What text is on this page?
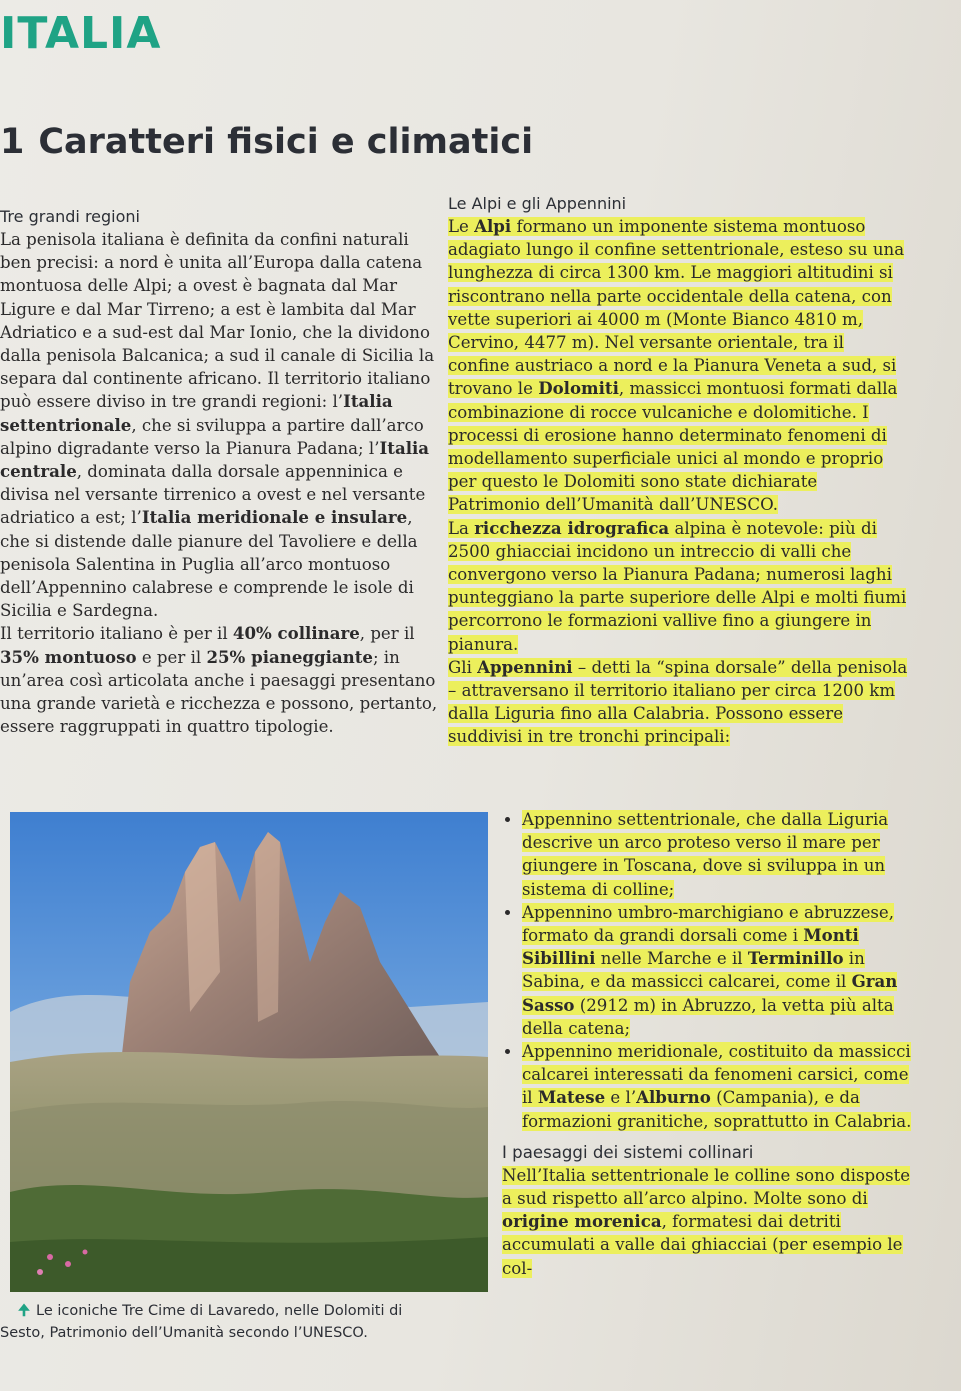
ITALIA
1 Caratteri fisici e climatici
Tre grandi regioni

La penisola italiana è definita da confini naturali ben precisi: a nord è unita all’Europa dalla catena montuosa delle Alpi; a ovest è bagnata dal Mar Ligure e dal Mar Tirreno; a est è lambita dal Mar Adriatico e a sud-est dal Mar Ionio, che la dividono dalla penisola Balcanica; a sud il canale di Sicilia la separa dal continente africano. Il territorio italiano può essere diviso in tre grandi regioni: l’Italia settentrionale, che si sviluppa a partire dall’arco alpino digradante verso la Pianura Padana; l’Italia centrale, dominata dalla dorsale appenninica e divisa nel versante tirrenico a ovest e nel versante adriatico a est; l’Italia meridionale e insulare, che si distende dalle pianure del Tavoliere e della penisola Salentina in Puglia all’arco montuoso dell’Appennino calabrese e comprende le isole di Sicilia e Sardegna.

Il territorio italiano è per il 40% collinare, per il 35% montuoso e per il 25% pianeggiante; in un’area così articolata anche i paesaggi presentano una grande varietà e ricchezza e possono, pertanto, essere raggruppati in quattro tipologie.

Le Alpi e gli Appennini

Le Alpi formano un imponente sistema montuoso adagiato lungo il confine settentrionale, esteso su una lunghezza di circa 1300 km. Le maggiori altitudini si riscontrano nella parte occidentale della catena, con vette superiori ai 4000 m (Monte Bianco 4810 m, Cervino, 4477 m). Nel versante orientale, tra il confine austriaco a nord e la Pianura Veneta a sud, si trovano le Dolomiti, massicci montuosi formati dalla combinazione di rocce vulcaniche e dolomitiche. I processi di erosione hanno determinato fenomeni di modellamento superficiale unici al mondo e proprio per questo le Dolomiti sono state dichiarate Patrimonio dell’Umanità dall’UNESCO.

La ricchezza idrografica alpina è notevole: più di 2500 ghiacciai incidono un intreccio di valli che convergono verso la Pianura Padana; numerosi laghi punteggiano la parte superiore delle Alpi e molti fiumi percorrono le formazioni vallive fino a giungere in pianura.

Gli Appennini – detti la “spina dorsale” della penisola – attraversano il territorio italiano per circa 1200 km dalla Liguria fino alla Calabria. Possono essere suddivisi in tre tronchi principali:

• Appennino settentrionale, che dalla Liguria descrive un arco proteso verso il mare per giungere in Toscana, dove si sviluppa in un sistema di colline;
• Appennino umbro-marchigiano e abruzzese, formato da grandi dorsali come i Monti Sibillini nelle Marche e il Terminillo in Sabina, e da massicci calcarei, come il Gran Sasso (2912 m) in Abruzzo, la vetta più alta della catena;
• Appennino meridionale, costituito da massicci calcarei interessati da fenomeni carsici, come il Matese e l’Alburno (Campania), e da formazioni granitiche, soprattutto in Calabria.
I paesaggi dei sistemi collinari

Nell’Italia settentrionale le colline sono disposte a sud rispetto all’arco alpino. Molte sono di origine morenica, formatesi dai detriti accumulati a valle dai ghiacciai (per esempio le col-

🠉 Le iconiche Tre Cime di Lavaredo, nelle Dolomiti di Sesto, Patrimonio dell’Umanità secondo l’UNESCO.
